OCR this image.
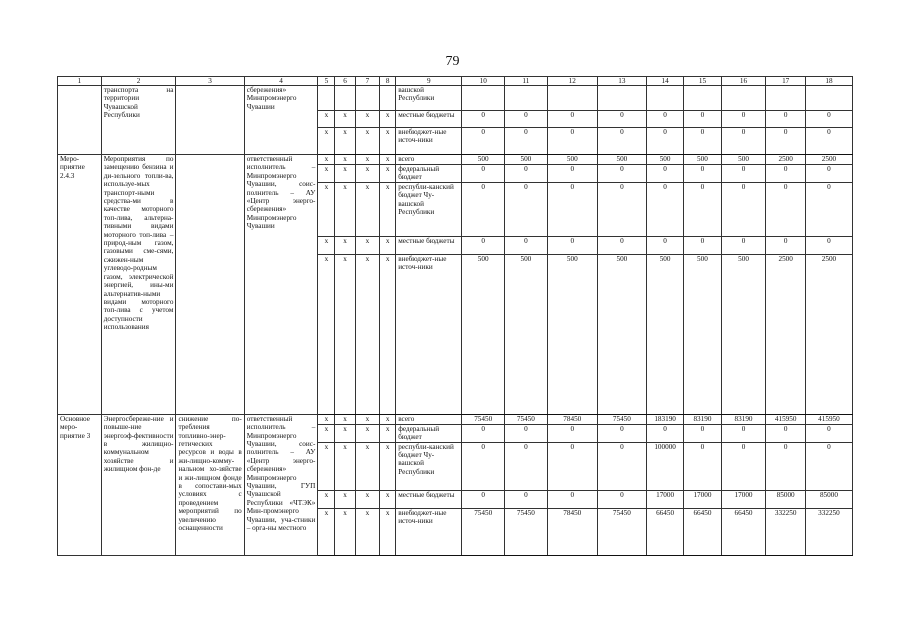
79
1	2	3	4	5	6	7	8	9	10	11	12	13	14	15	16	17	18
	транспорта на территории Чувашской Республики		сбережения» Минпромэнерго Чувашии					вашской Республики									
				x	x	x	x	местные бюджеты	0	0	0	0	0	0	0	0	0
				x	x	x	x	внебюджет-ные источ-ники	0	0	0	0	0	0	0	0	0
Меро-приятие 2.4.3	Мероприятия по замещению бензина и ди-зельного топли-ва, используе-мых транспорт-ными средства-ми в качестве моторного топ-лива, альтерна-тивными видами моторного топ-лива – природ-ным газом, газовыми сме-сями, сжижен-ным углеводо-родным газом, электрической энергией, ины-ми альтернатив-ными видами моторного топ-лива с учетом доступности использования		ответственный исполнитель – Минпромэнерго Чувашии, соис-полнитель – АУ «Центр энерго-сбережения» Минпромэнерго Чувашии	x	x	x	x	всего	500	500	500	500	500	500	500	2500	2500
				x	x	x	x	федеральный бюджет	0	0	0	0	0	0	0	0	0
				x	x	x	x	республи-канский бюджет Чу-вашской Республики	0	0	0	0	0	0	0	0	0
				x	x	x	x	местные бюджеты	0	0	0	0	0	0	0	0	0
				x	x	x	x	внебюджет-ные источ-ники	500	500	500	500	500	500	500	2500	2500
Основное меро-приятие 3	Энергосбереже-ние и повыше-ние энергоэф-фективности в жилищно-коммунальном хозяйстве и жилищном фон-де	снижение по-требления топливно-энер-гетических ресурсов и воды в жи-лищно-комму-нальном хо-зяйстве и жи-лищном фонде в сопостави-мых условиях с проведением мероприятий по увеличению оснащенности	ответственный исполнитель – Минпромэнерго Чувашии, соис-полнитель – АУ «Центр энерго-сбережения» Минпромэнерго Чувашии, ГУП Чувашской Республики «ЧТЭК» Мин-промэнерго Чувашии, уча-стники – орга-ны местного	x	x	x	x	всего	75450	75450	78450	75450	183190	83190	83190	415950	415950
				x	x	x	x	федеральный бюджет	0	0	0	0	0	0	0	0	0
				x	x	x	x	республи-канский бюджет Чу-вашской Республики	0	0	0	0	100000	0	0	0	0
				x	x	x	x	местные бюджеты	0	0	0	0	17000	17000	17000	85000	85000
				x	x	x	x	внебюджет-ные источ-ники	75450	75450	78450	75450	66450	66450	66450	332250	332250
